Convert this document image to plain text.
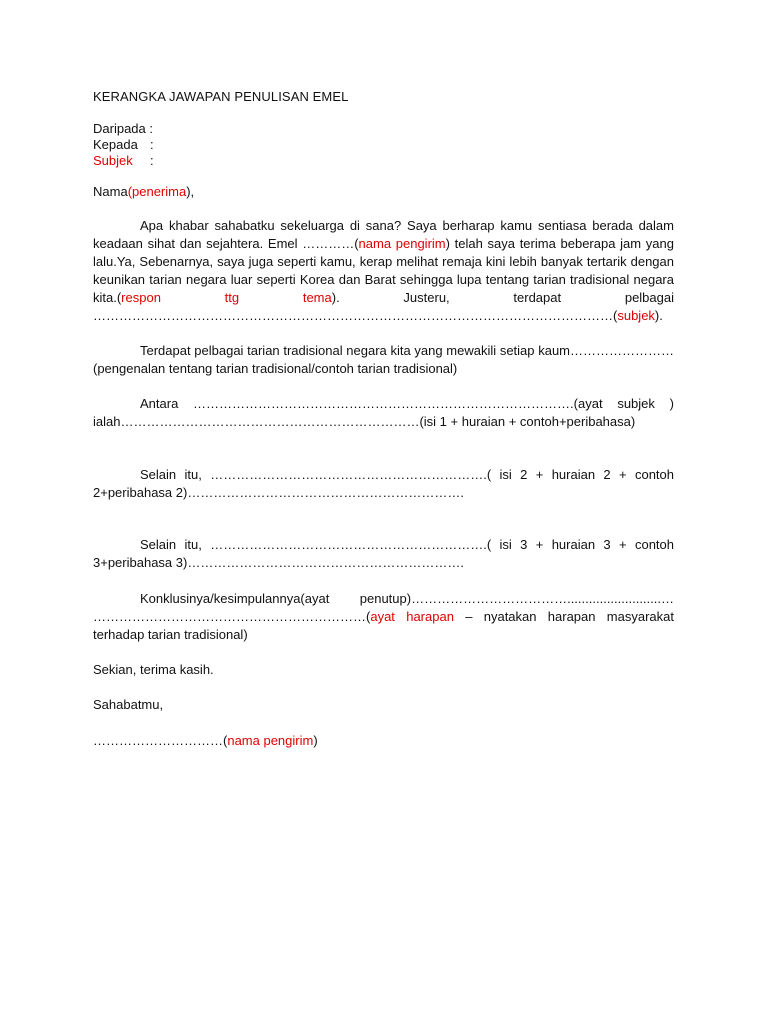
KERANGKA JAWAPAN PENULISAN EMEL
Daripada :
Kepada :
Subjek :
Nama(penerima),
Apa khabar sahabatku sekeluarga di sana? Saya berharap kamu sentiasa berada dalam keadaan sihat dan sejahtera. Emel …………(nama pengirim) telah saya terima beberapa jam yang lalu.Ya, Sebenarnya, saya juga seperti kamu, kerap melihat remaja kini lebih banyak tertarik dengan keunikan tarian negara luar seperti Korea dan Barat sehingga lupa tentang tarian tradisional negara kita.(respon ttg tema). Justeru, terdapat pelbagai …………………………………………………………………………………………………………(subjek).
Terdapat pelbagai tarian tradisional negara kita yang mewakili setiap kaum……………………(pengenalan tentang tarian tradisional/contoh tarian tradisional)
Antara …………………………………………………………………………….(ayat subjek ) ialah……………………………………………………………(isi 1 + huraian + contoh+peribahasa)
Selain itu, ……………………………………………………….( isi 2 + huraian 2 + contoh 2+peribahasa 2)……………………………………………………….
Selain itu, ……………………………………………………….( isi 3 + huraian 3 + contoh 3+peribahasa 3)……………………………………………………….
Konklusinya/kesimpulannya(ayat penutup)………………………………..........................… ………………………………………………………(ayat harapan – nyatakan harapan masyarakat terhadap tarian tradisional)
Sekian, terima kasih.
Sahabatmu,
…………………………(nama pengirim)
